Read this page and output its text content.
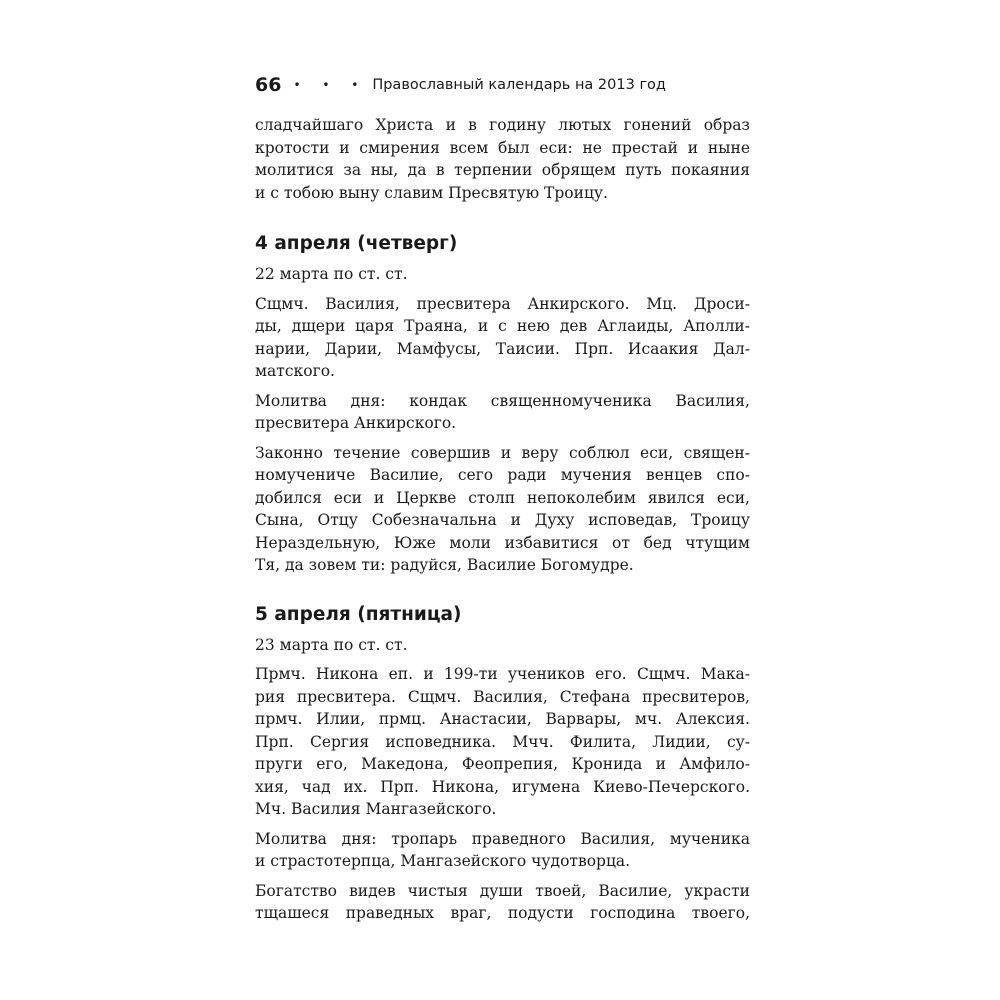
66 • • • Православный календарь на 2013 год

сладчайшаго Христа и в годину лютых гонений образ
кротости и смирения всем был еси: не престай и ныне
молитися за ны, да в терпении обрящем путь покаяния
и с тобою выну славим Пресвятую Троицу.

4 апреля (четверг)

22 марта по ст. ст.

Сщмч. Василия, пресвитера Анкирского. Мц. Дроси-
ды, дщери царя Траяна, и с нею дев Аглаиды, Аполли-
нарии, Дарии, Мамфусы, Таисии. Прп. Исаакия Дал-
матского.

Молитва дня: кондак священномученика Василия,
пресвитера Анкирского.

Законно течение совершив и веру соблюл еси, священ-
номучениче Василие, сего ради мучения венцев спо-
добился еси и Церкве столп непоколебим явился еси,
Сына, Отцу Собезначальна и Духу исповедав, Троицу
Нераздельную, Юже моли избавитися от бед чтущим
Тя, да зовем ти: радуйся, Василие Богомудре.

5 апреля (пятница)

23 марта по ст. ст.

Прмч. Никона еп. и 199-ти учеников его. Сщмч. Мака-
рия пресвитера. Сщмч. Василия, Стефана пресвитеров,
прмч. Илии, прмц. Анастасии, Варвары, мч. Алексия.
Прп. Сергия исповедника. Мчч. Филита, Лидии, су-
пруги его, Македона, Феопрепия, Кронида и Амфило-
хия, чад их. Прп. Никона, игумена Киево-Печерского.
Мч. Василия Мангазейского.

Молитва дня: тропарь праведного Василия, мученика
и страстотерпца, Мангазейского чудотворца.

Богатство видев чистыя души твоей, Василие, украсти
тщашеся праведных враг, подусти господина твоего,
